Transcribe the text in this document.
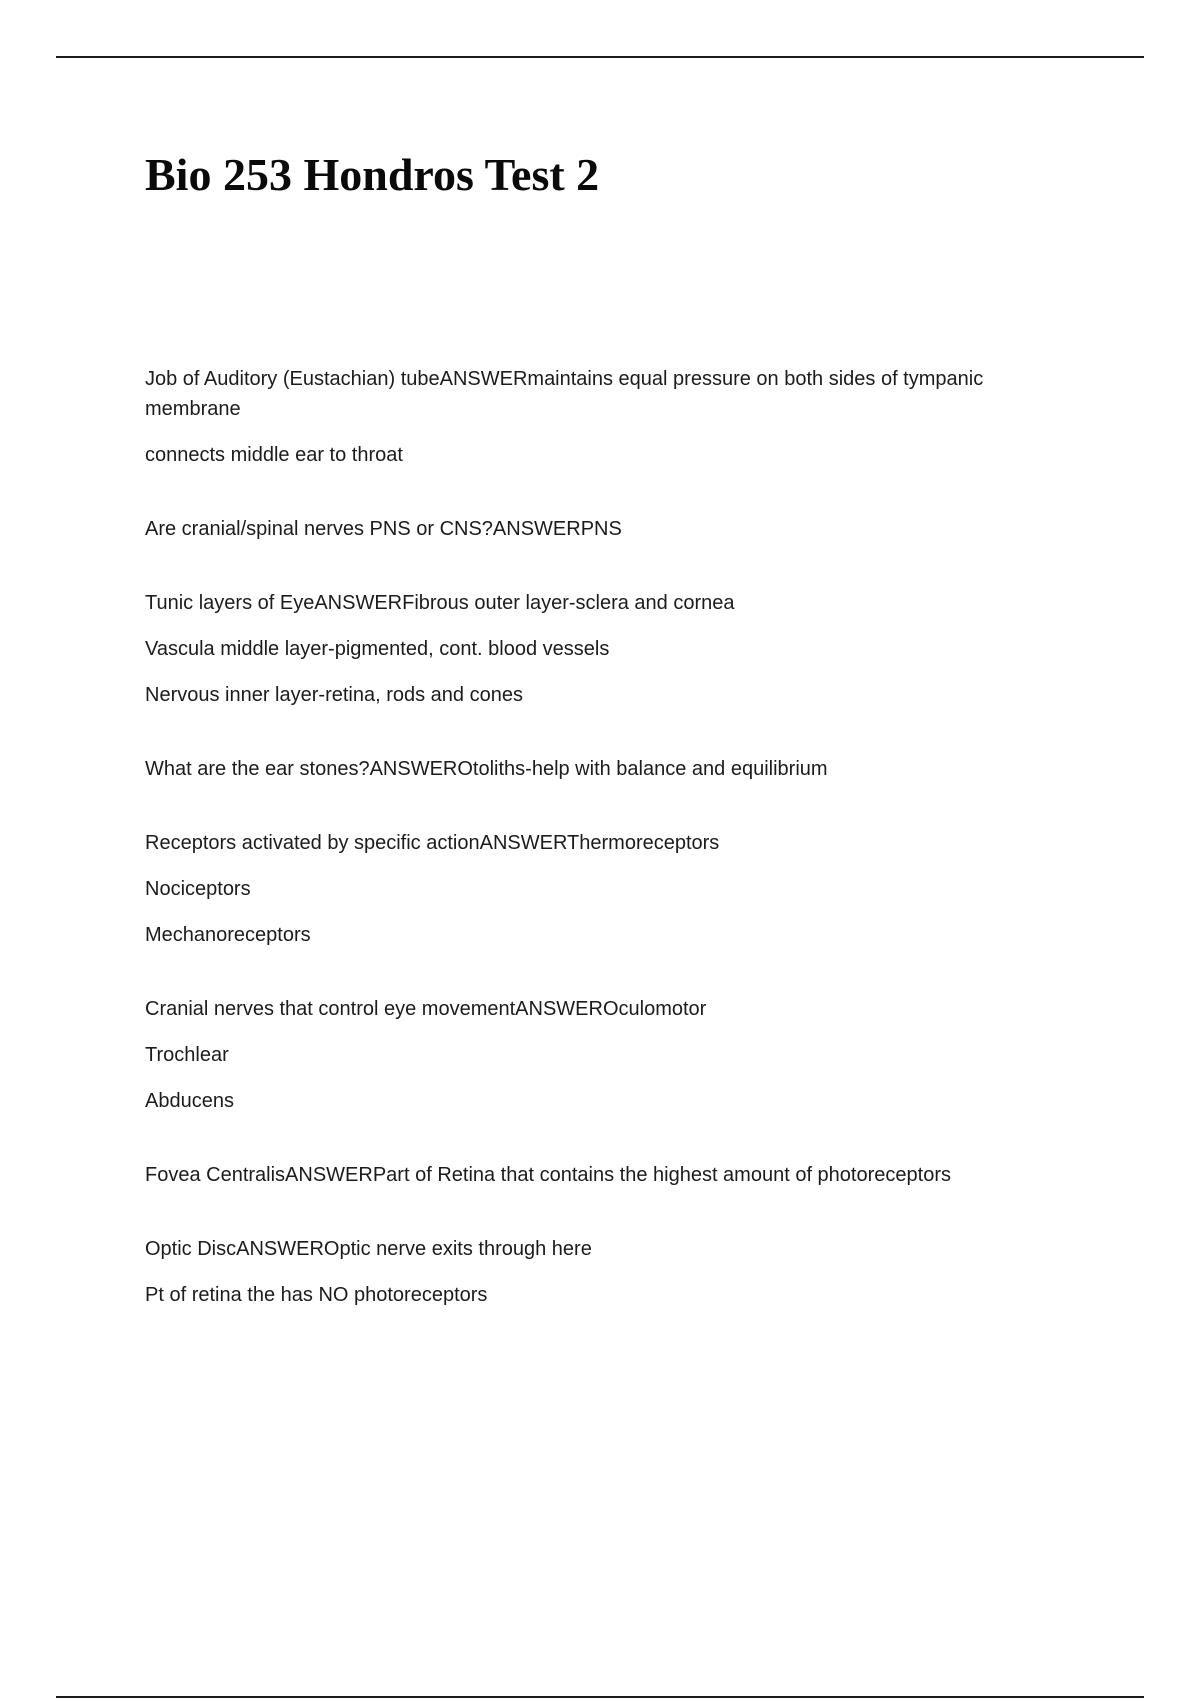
Bio 253 Hondros Test 2

Job of Auditory (Eustachian) tubeANSWERmaintains equal pressure on both sides of tympanic membrane

connects middle ear to throat

Are cranial/spinal nerves PNS or CNS?ANSWERPNS

Tunic layers of EyeANSWERFibrous outer layer-sclera and cornea

Vascula middle layer-pigmented, cont. blood vessels

Nervous inner layer-retina, rods and cones

What are the ear stones?ANSWEROtoliths-help with balance and equilibrium

Receptors activated by specific actionANSWERThermoreceptors

Nociceptors

Mechanoreceptors

Cranial nerves that control eye movementANSWEROculomotor

Trochlear

Abducens

Fovea CentralisANSWERPart of Retina that contains the highest amount of photoreceptors

Optic DiscANSWEROptic nerve exits through here

Pt of retina the has NO photoreceptors
